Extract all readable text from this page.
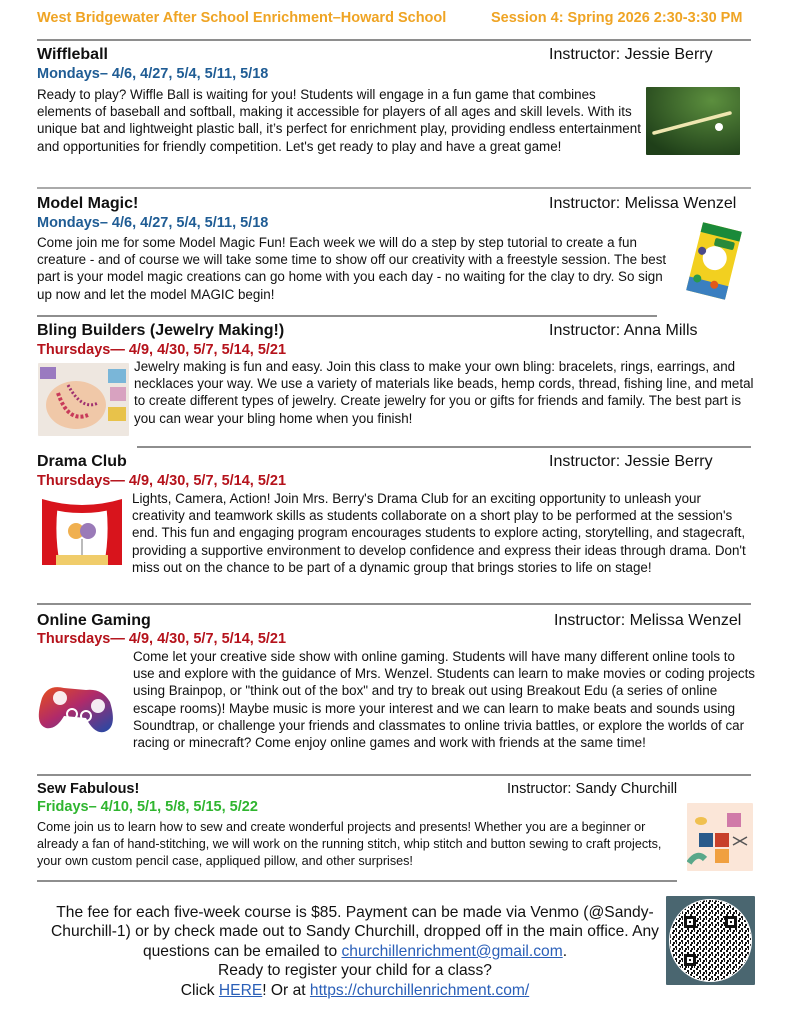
West Bridgewater After School Enrichment–Howard School	Session 4: Spring 2026 2:30-3:30 PM
Wiffleball	Instructor: Jessie Berry
Mondays– 4/6, 4/27, 5/4, 5/11, 5/18
Ready to play? Wiffle Ball is waiting for you! Students will engage in a fun game that combines elements of baseball and softball, making it accessible for players of all ages and skill levels. With its unique bat and lightweight plastic ball, it’s perfect for enrichment play, providing endless entertainment and opportunities for friendly competition. Let's get ready to play and have a great game!
Model Magic!	Instructor: Melissa Wenzel
Mondays– 4/6, 4/27, 5/4, 5/11, 5/18
Come join me for some Model Magic Fun! Each week we will do a step by step tutorial to create a fun creature - and of course we will take some time to show off our creativity with a freestyle session. The best part is your model magic creations can go home with you each day - no waiting for the clay to dry. So sign up now and let the model MAGIC begin!
Bling Builders (Jewelry Making!)	Instructor: Anna Mills
Thursdays— 4/9, 4/30, 5/7, 5/14, 5/21
Jewelry making is fun and easy. Join this class to make your own bling: bracelets, rings, earrings, and necklaces your way. We use a variety of materials like beads, hemp cords, thread, fishing line, and metal to create different types of jewelry. Create jewelry for you or gifts for friends and family. The best part is you can wear your bling home when you finish!
Drama Club	Instructor: Jessie Berry
Thursdays— 4/9, 4/30, 5/7, 5/14, 5/21
Lights, Camera, Action! Join Mrs. Berry's Drama Club for an exciting opportunity to unleash your creativity and teamwork skills as students collaborate on a short play to be performed at the session's end. This fun and engaging program encourages students to explore acting, storytelling, and stagecraft, providing a supportive environment to develop confidence and express their ideas through drama. Don't miss out on the chance to be part of a dynamic group that brings stories to life on stage!
Online Gaming	Instructor: Melissa Wenzel
Thursdays— 4/9, 4/30, 5/7, 5/14, 5/21
Come let your creative side show with online gaming. Students will have many different online tools to use and explore with the guidance of Mrs. Wenzel. Students can learn to make movies or coding projects using Brainpop, or "think out of the box" and try to break out using Breakout Edu (a series of online escape rooms)! Maybe music is more your interest and we can learn to make beats and sounds using Soundtrap, or challenge your friends and classmates to online trivia battles, or explore the worlds of car racing or minecraft? Come enjoy online games and work with friends at the same time!
Sew Fabulous!	Instructor: Sandy Churchill
Fridays– 4/10, 5/1, 5/8, 5/15, 5/22
Come join us to learn how to sew and create wonderful projects and presents! Whether you are a beginner or already a fan of hand-stitching, we will work on the running stitch, whip stitch and button sewing to craft projects, your own custom pencil case, appliqued pillow, and other surprises!
The fee for each five-week course is $85. Payment can be made via Venmo (@Sandy-Churchill-1) or by check made out to Sandy Churchill, dropped off in the main office. Any questions can be emailed to churchillenrichment@gmail.com.
Ready to register your child for a class?
Click HERE! Or at https://churchillenrichment.com/
